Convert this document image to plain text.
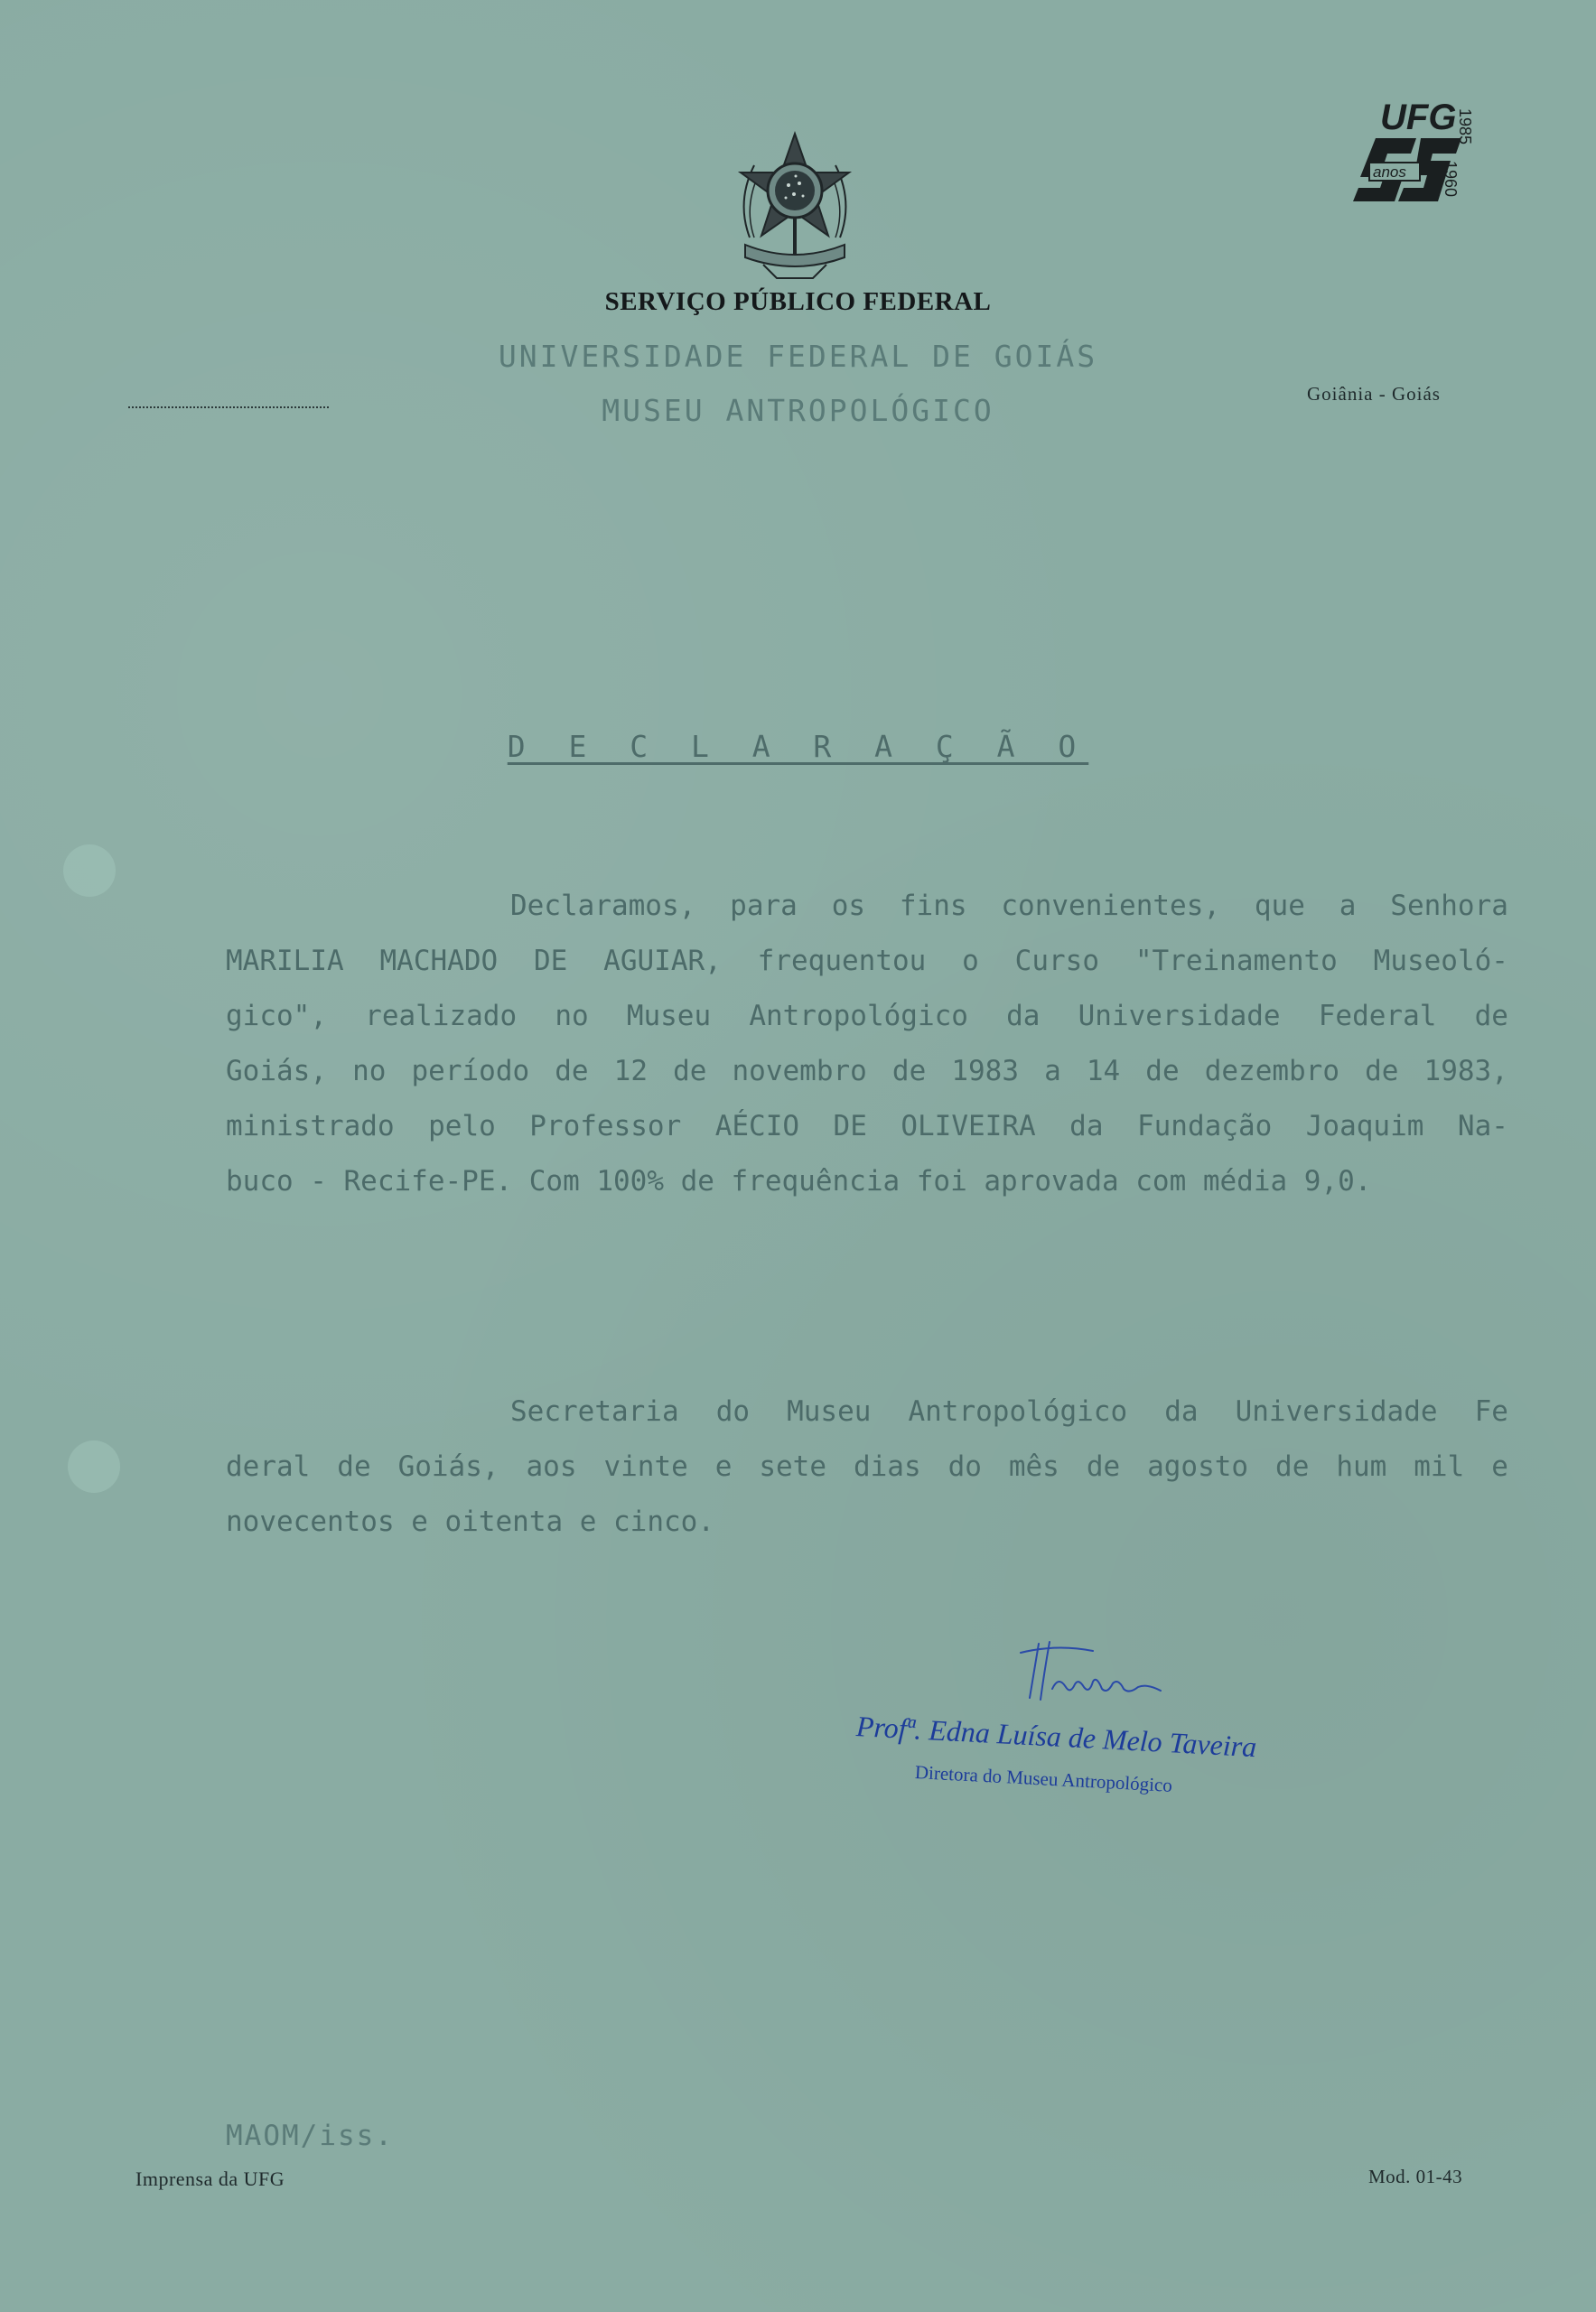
UFG
anos
1985
1960
SERVIÇO PÚBLICO FEDERAL
UNIVERSIDADE FEDERAL DE GOIÁS
MUSEU ANTROPOLÓGICO	Goiânia - Goiás
D E C L A R A Ç Ã O
Declaramos, para os fins convenientes, que a Senhora
MARILIA MACHADO DE AGUIAR, frequentou o Curso "Treinamento Museoló-
gico", realizado no Museu Antropológico da Universidade Federal de
Goiás, no período de 12 de novembro de 1983 a 14 de dezembro de 1983,
ministrado pelo Professor AÉCIO DE OLIVEIRA da Fundação Joaquim Na-
buco - Recife-PE. Com 100% de frequência foi aprovada com média 9,0.
Secretaria do Museu Antropológico da Universidade Fe
deral de Goiás, aos vinte e sete dias do mês de agosto de hum mil e
novecentos e oitenta e cinco.
Profª. Edna Luísa de Melo Taveira
Diretora do Museu Antropológico
MAOM/iss.
Imprensa da UFG	Mod. 01-43
